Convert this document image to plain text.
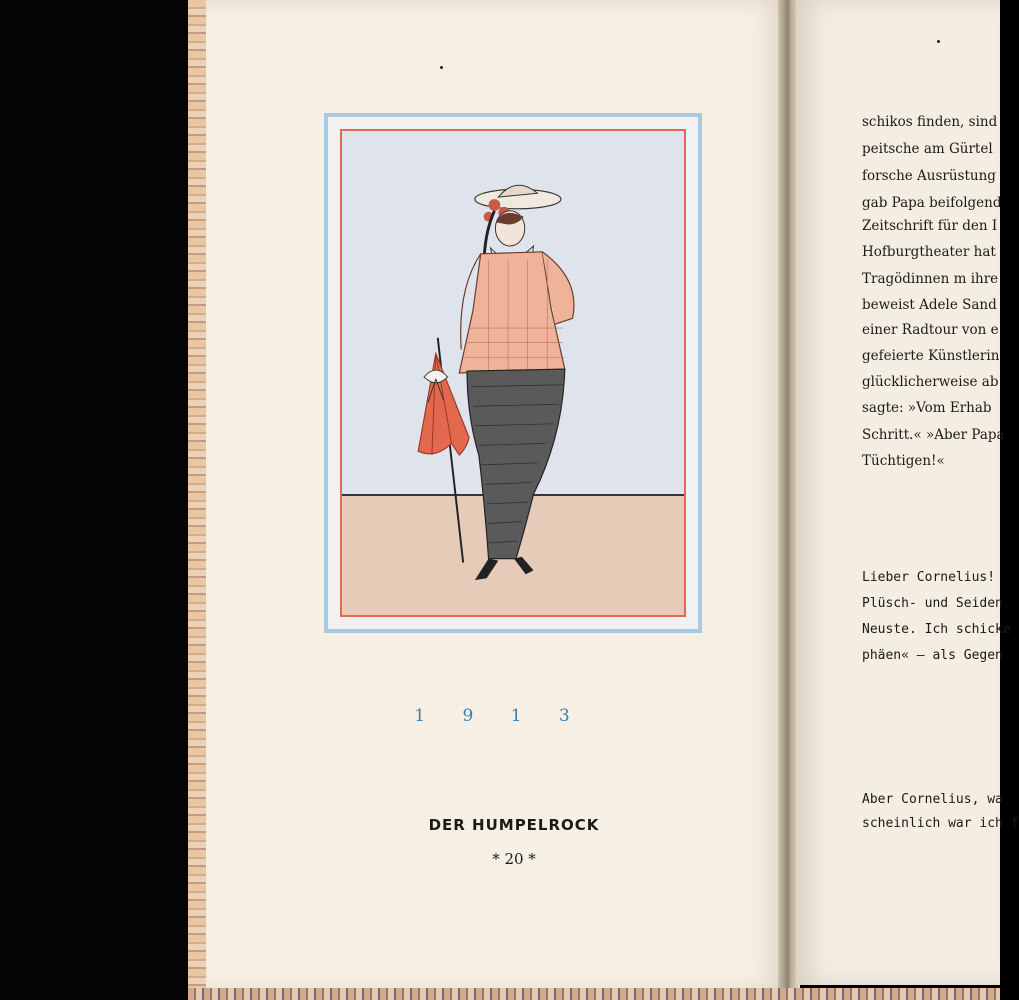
1 9 1 3
DER HUMPELROCK
* 20 *
schikos finden, sind
peitsche am Gürtel
forsche Ausrüstung
gab Papa beifolgend
Zeitschrift für den I
Hofburgtheater hat
Tragödinnen m ihre
beweist Adele Sand
einer Radtour von e
gefeierte Künstlerin
glücklicherweise ab
sagte: »Vom Erhab
Schritt.« »Aber Papa
Tüchtigen!«
Lieber Cornelius!
Plüsch- und Seiden
Neuste. Ich schicke
phäen« – als Gegen
Aber Cornelius, wa
scheinlich war ich f
